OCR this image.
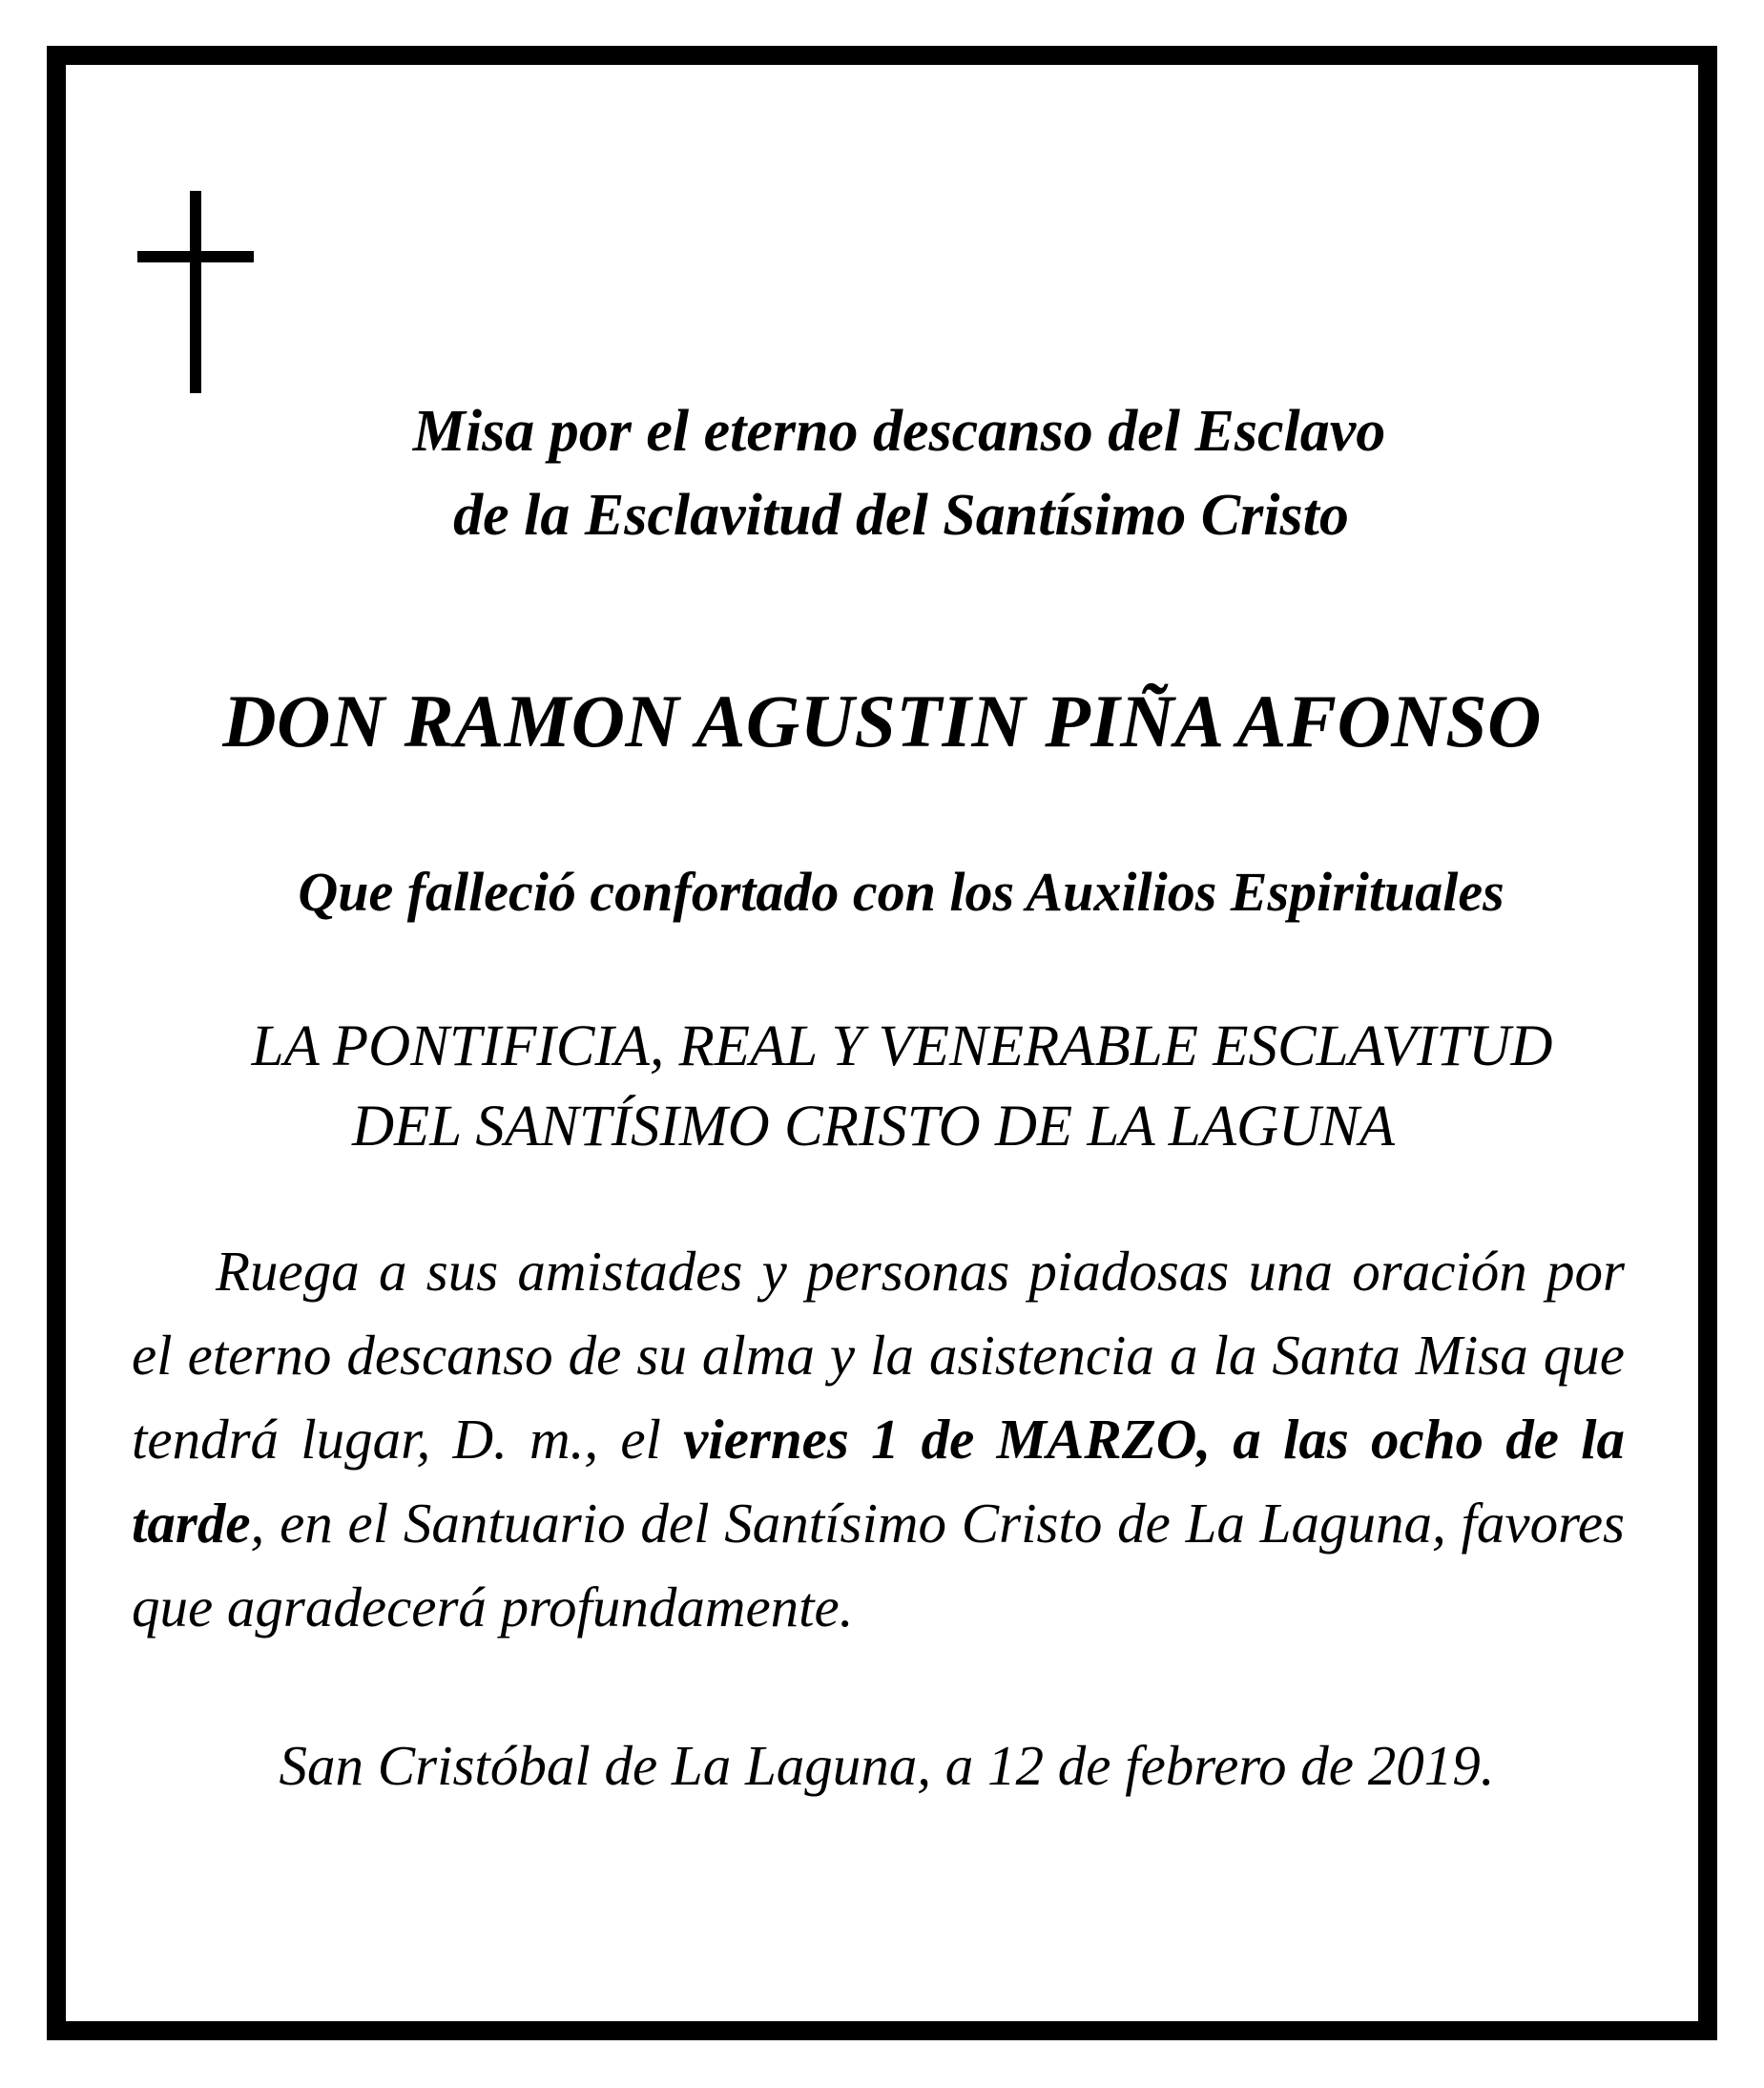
Misa por el eterno descanso del Esclavo
de la Esclavitud del Santísimo Cristo
DON RAMON AGUSTIN PIÑA AFONSO
Que falleció confortado con los Auxilios Espirituales
LA PONTIFICIA, REAL Y VENERABLE ESCLAVITUD
DEL SANTÍSIMO CRISTO DE LA LAGUNA

Ruega a sus amistades y personas piadosas una oración por el eterno descanso de su alma y la asistencia a la Santa Misa que tendrá lugar, D. m., el viernes 1 de MARZO, a las ocho de la tarde, en el Santuario del Santísimo Cristo de La Laguna, favores que agradecerá profundamente.

San Cristóbal de La Laguna, a 12 de febrero de 2019.
